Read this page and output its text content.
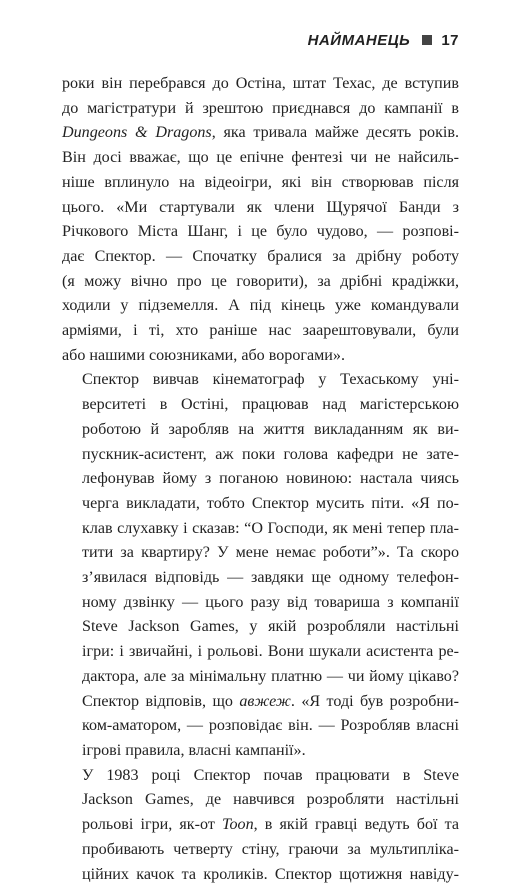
НАЙМАНЕЦЬ 17

роки він перебрався до Остіна, штат Техас, де вступив
до магістратури й зрештою приєднався до кампанії в
Dungeons & Dragons, яка тривала майже десять років.
Він досі вважає, що це епічне фентезі чи не найсиль-
ніше вплинуло на відеоігри, які він створював після
цього. «Ми стартували як члени Щурячої Банди з
Річкового Міста Шанг, і це було чудово, — розпові-
дає Спектор. — Спочатку бралися за дрібну роботу
(я можу вічно про це говорити), за дрібні крадіжки,
ходили у підземелля. А під кінець уже командували
арміями, і ті, хто раніше нас заарештовували, були
або нашими союзниками, або ворогами».

Спектор вивчав кінематограф у Техаському уні-
верситеті в Остіні, працював над магістерською
роботою й заробляв на життя викладанням як ви-
пускник-асистент, аж поки голова кафедри не зате-
лефонував йому з поганою новиною: настала чиясь
черга викладати, тобто Спектор мусить піти. «Я по-
клав слухавку і сказав: “О Господи, як мені тепер пла-
тити за квартиру? У мене немає роботи”». Та скоро
з’явилася відповідь — завдяки ще одному телефон-
ному дзвінку — цього разу від товариша з компанії
Steve Jackson Games, у якій розробляли настільні
ігри: і звичайні, і рольові. Вони шукали асистента ре-
дактора, але за мінімальну платню — чи йому цікаво?
Спектор відповів, що авжеж. «Я тоді був розробни-
ком-аматором, — розповідає він. — Розробляв власні
ігрові правила, власні кампанії».

У 1983 році Спектор почав працювати в Steve
Jackson Games, де навчився розробляти настільні
рольові ігри, як-от Toon, в якій гравці ведуть бої та
пробивають четверту стіну, граючи за мультипліка-
ційних качок та кроликів. Спектор щотижня навіду-
